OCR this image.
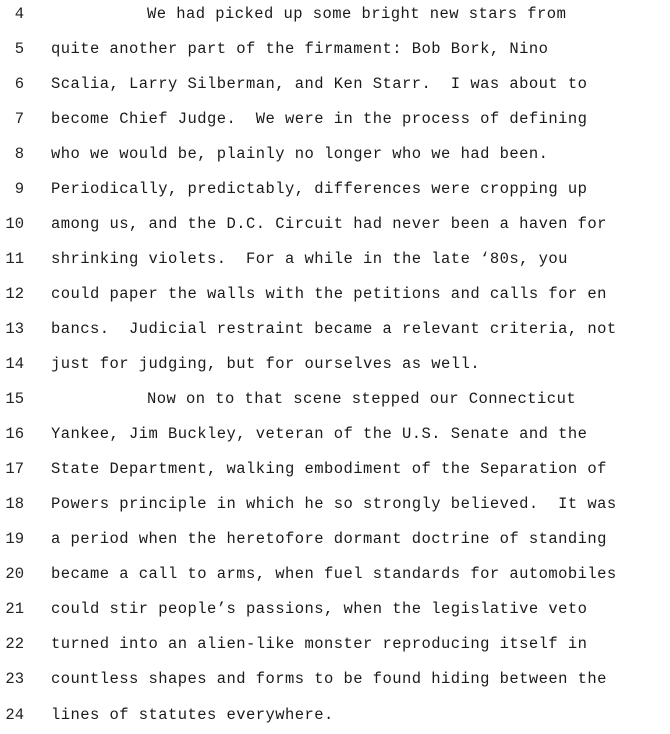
4	We had picked up some bright new stars from
5 quite another part of the firmament: Bob Bork, Nino
6 Scalia, Larry Silberman, and Ken Starr.  I was about to
7 become Chief Judge.  We were in the process of defining
8 who we would be, plainly no longer who we had been.
9 Periodically, predictably, differences were cropping up
10 among us, and the D.C. Circuit had never been a haven for
11 shrinking violets.  For a while in the late ‘80s, you
12 could paper the walls with the petitions and calls for en
13 bancs.  Judicial restraint became a relevant criteria, not
14 just for judging, but for ourselves as well.
15	Now on to that scene stepped our Connecticut
16 Yankee, Jim Buckley, veteran of the U.S. Senate and the
17 State Department, walking embodiment of the Separation of
18 Powers principle in which he so strongly believed.  It was
19 a period when the heretofore dormant doctrine of standing
20 became a call to arms, when fuel standards for automobiles
21 could stir people’s passions, when the legislative veto
22 turned into an alien-like monster reproducing itself in
23 countless shapes and forms to be found hiding between the
24 lines of statutes everywhere.
